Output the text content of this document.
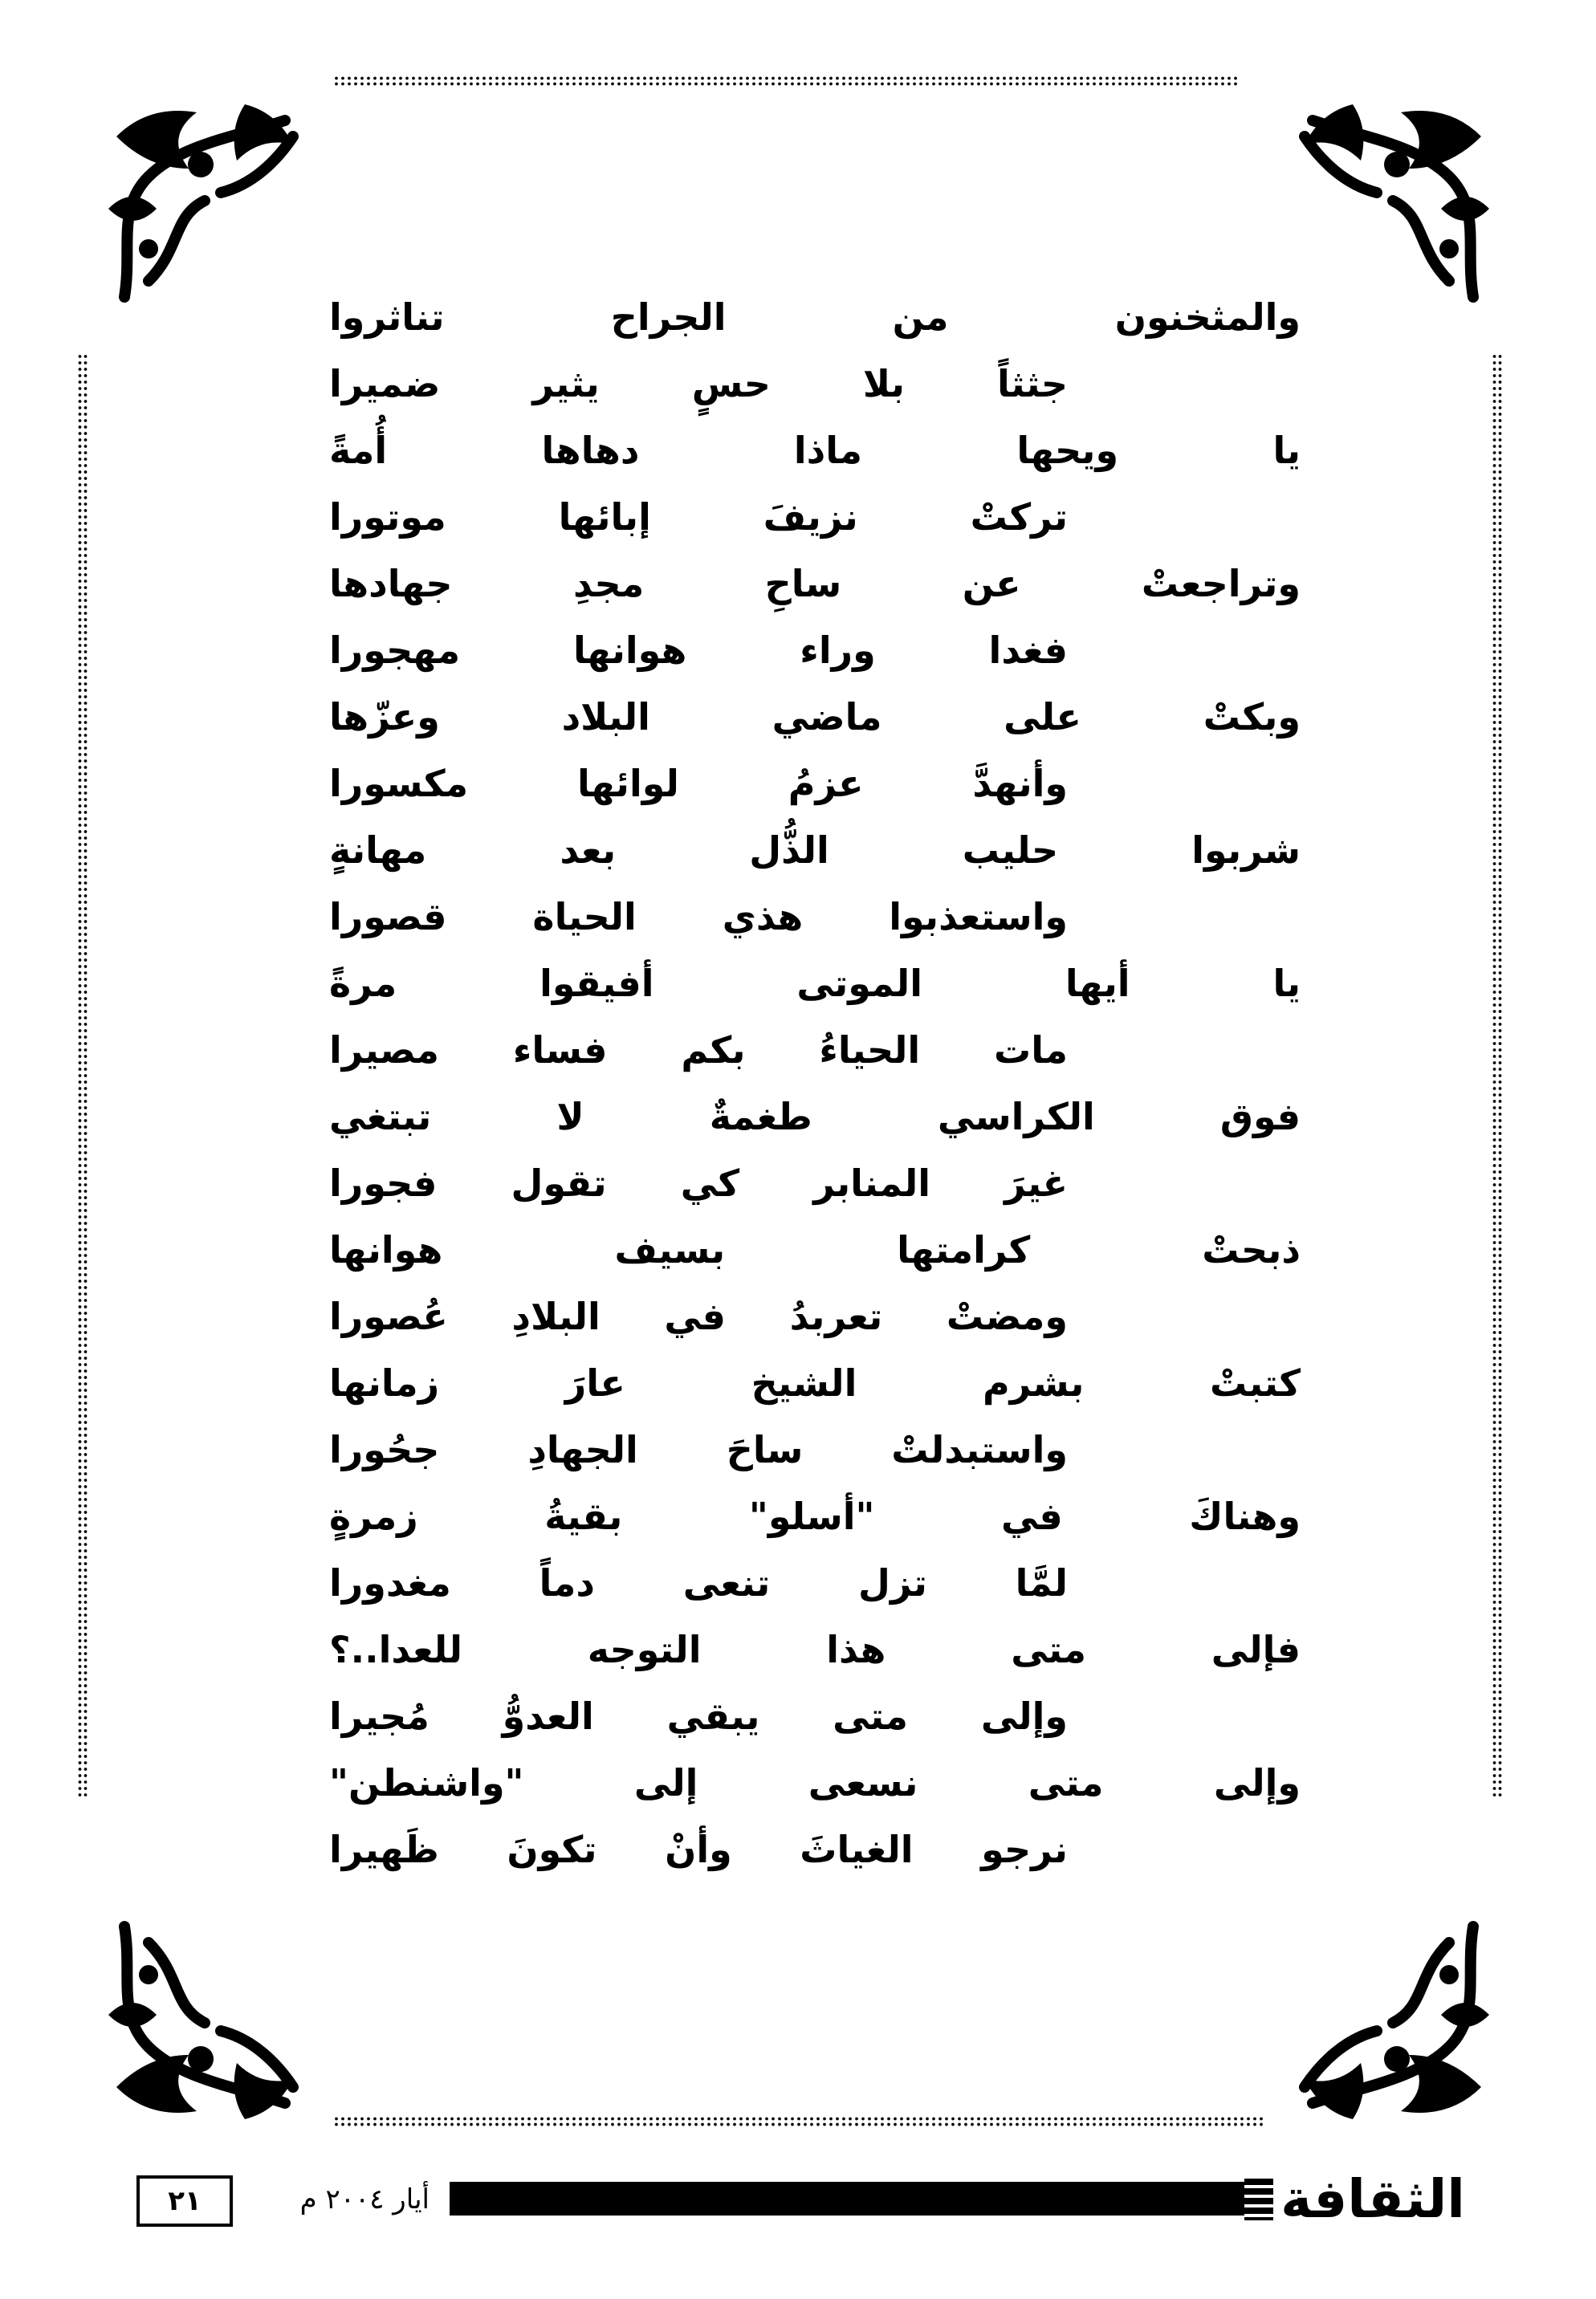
والمثخنون من الجراح تناثروا
جثثاً بلا حسٍ يثير ضميرا
يا ويحها ماذا دهاها أُمةً
تركتْ نزيفَ إبائها موتورا
وتراجعتْ عن ساحِ مجدِ جهادها
فغدا وراء هوانها مهجورا
وبكتْ على ماضي البلاد وعزّها
وأنهدَّ عزمُ لوائها مكسورا
شربوا حليب الذُّل بعد مهانةٍ
واستعذبوا هذي الحياة قصورا
يا أيها الموتى أفيقوا مرةً
مات الحياءُ بكم فساء مصيرا
فوق الكراسي طغمةٌ لا تبتغي
غيرَ المنابر كي تقول فجورا
ذبحتْ كرامتها بسيف هوانها
ومضتْ تعربدُ في البلادِ عُصورا
كتبتْ بشرم الشيخ عارَ زمانها
واستبدلتْ ساحَ الجهادِ جحُورا
وهناكَ في "أسلو" بقيةُ زمرةٍ
لمَّا تزل تنعى دماً مغدورا
فإلى متى هذا التوجه للعدا..؟
وإلى متى يبقي العدوُّ مُجيرا
وإلى متى نسعى إلى "واشنطن"
نرجو الغياثَ وأنْ تكونَ ظَهيرا
٢١	أيار ٢٠٠٤ م	الثقافة
